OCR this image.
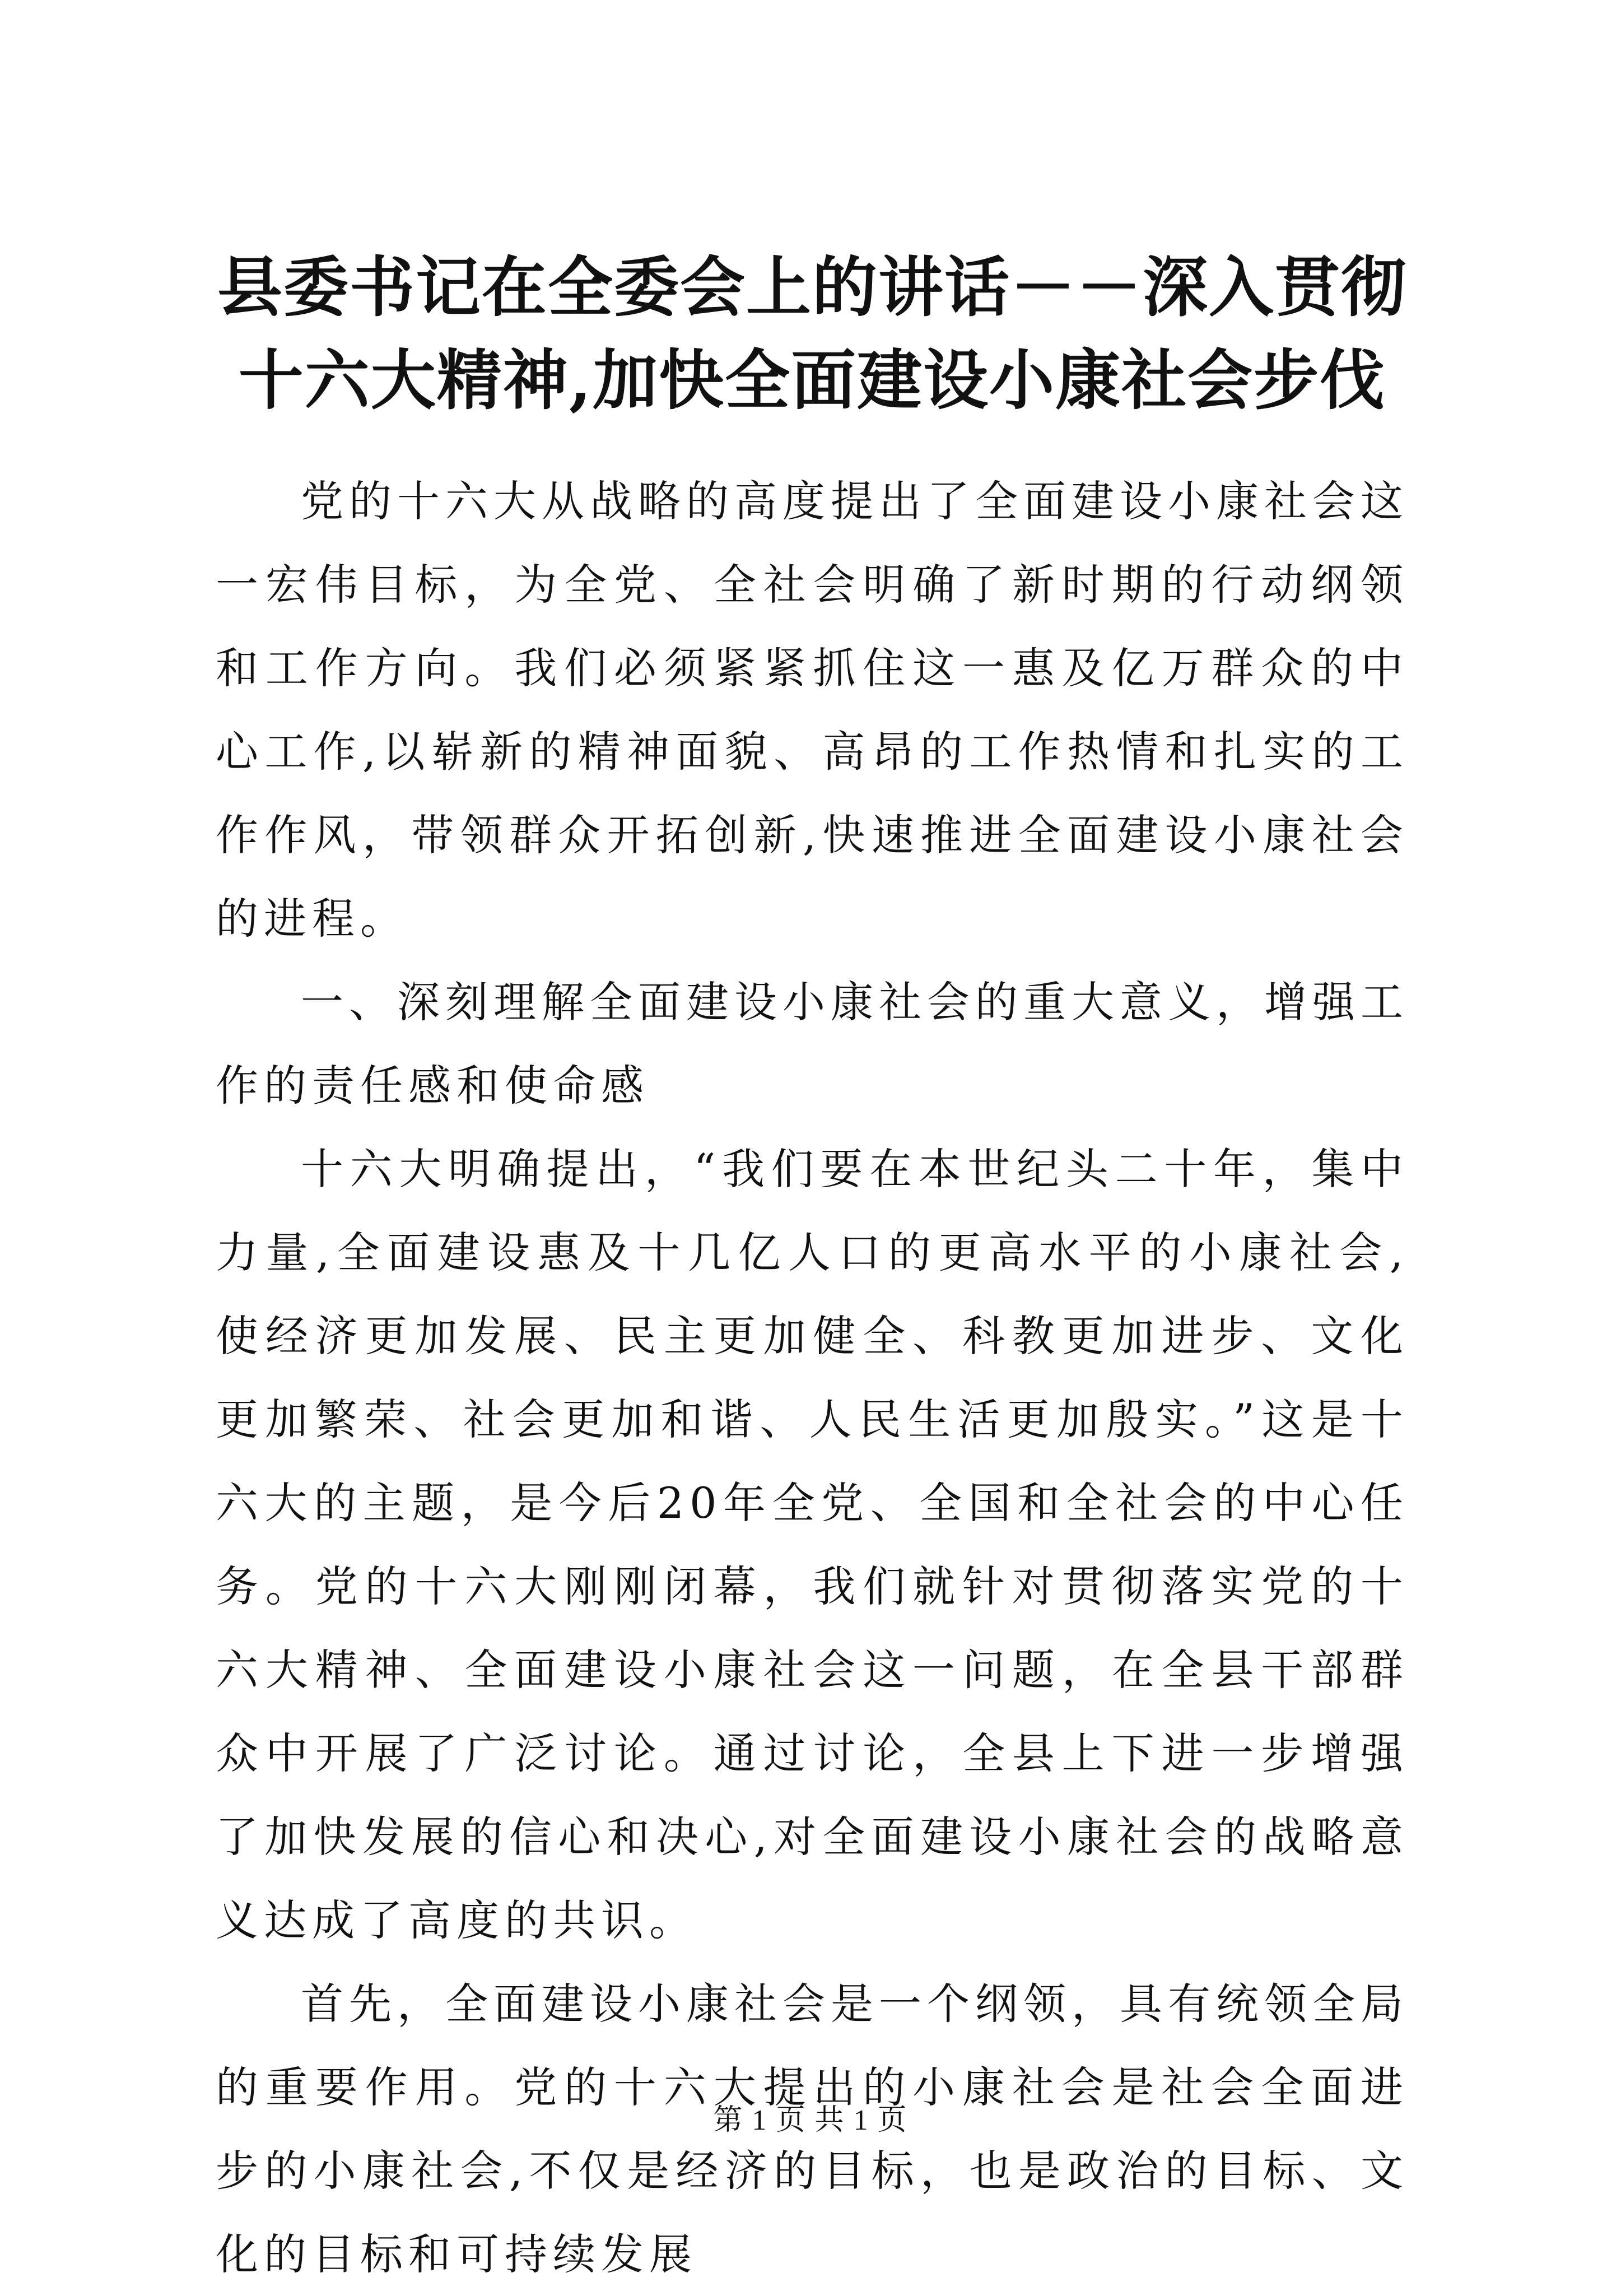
县委书记在全委会上的讲话－－深入贯彻十六大精神,加快全面建设小康社会步伐

党的十六大从战略的高度提出了全面建设小康社会这一宏伟目标，为全党、全社会明确了新时期的行动纲领和工作方向。我们必须紧紧抓住这一惠及亿万群众的中心工作,以崭新的精神面貌、高昂的工作热情和扎实的工作作风，带领群众开拓创新,快速推进全面建设小康社会的进程。

一、深刻理解全面建设小康社会的重大意义，增强工作的责任感和使命感

十六大明确提出，“我们要在本世纪头二十年，集中力量,全面建设惠及十几亿人口的更高水平的小康社会,使经济更加发展、民主更加健全、科教更加进步、文化更加繁荣、社会更加和谐、人民生活更加殷实。”这是十六大的主题，是今后20年全党、全国和全社会的中心任务。党的十六大刚刚闭幕，我们就针对贯彻落实党的十六大精神、全面建设小康社会这一问题，在全县干部群众中开展了广泛讨论。通过讨论，全县上下进一步增强了加快发展的信心和决心,对全面建设小康社会的战略意义达成了高度的共识。

首先，全面建设小康社会是一个纲领，具有统领全局的重要作用。党的十六大提出的小康社会是社会全面进步的小康社会,不仅是经济的目标，也是政治的目标、文化的目标和可持续发展

第 1 页 共 1 页
